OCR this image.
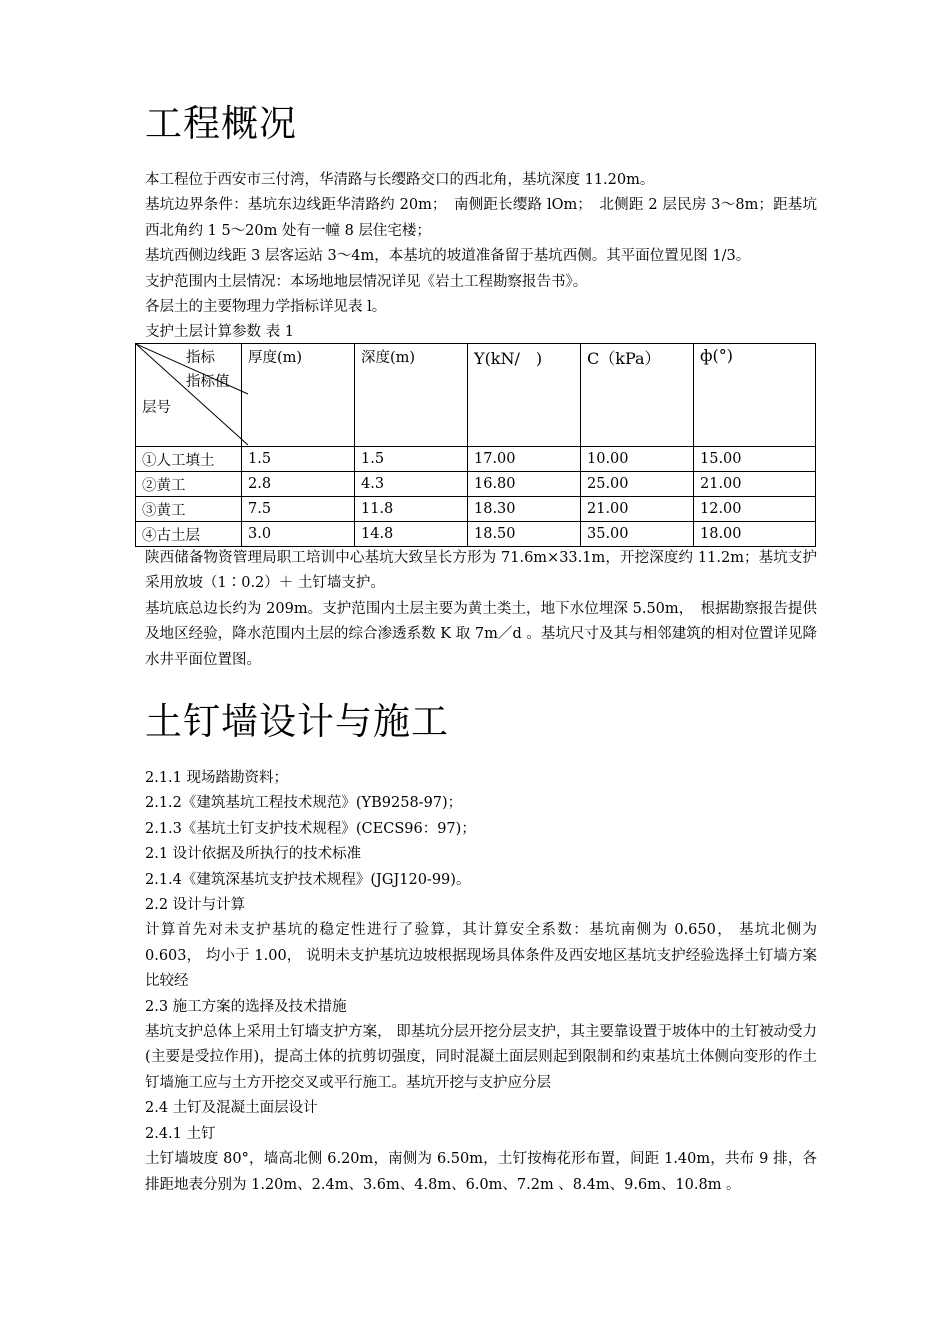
工程概况

本工程位于西安市三付湾，华清路与长缨路交口的西北角，基坑深度 11.20m。

基坑边界条件：基坑东边线距华清路约 20m；　南侧距长缨路 lOm；　北侧距 2 层民房 3～8m；距基坑西北角约 1 5～20m 处有一幢 8 层住宅楼；

基坑西侧边线距 3 层客运站 3～4m，本基坑的坡道准备留于基坑西侧。其平面位置见图 1/3。

支护范围内土层情况：本场地地层情况详见《岩土工程勘察报告书》。

各层土的主要物理力学指标详见表 l。

支护土层计算参数 表 1

指标
指标值
层号	厚度(m)	深度(m)	Y(kN/　)	C（kPa）	ф(°)
①人工填土	1.5	1.5	17.00	10.00	15.00
②黄工	2.8	4.3	16.80	25.00	21.00
③黄工	7.5	11.8	18.30	21.00	12.00
④古土层	3.0	14.8	18.50	35.00	18.00

陕西储备物资管理局职工培训中心基坑大致呈长方形为 71.6m×33.1m，开挖深度约 11.2m；基坑支护采用放坡（1∶0.2）＋ 土钉墙支护。

基坑底总边长约为 209m。支护范围内土层主要为黄土类土，地下水位埋深 5.50m，　根据勘察报告提供及地区经验，降水范围内土层的综合渗透系数 K 取 7m／d 。基坑尺寸及其与相邻建筑的相对位置详见降水井平面位置图。

土钉墙设计与施工

2.1.1 现场踏勘资料；

2.1.2《建筑基坑工程技术规范》(YB9258-97)；

2.1.3《基坑土钉支护技术规程》(CECS96：97)；

2.1 设计依据及所执行的技术标准

2.1.4《建筑深基坑支护技术规程》(JGJ120-99)。

2.2 设计与计算

计算首先对未支护基坑的稳定性进行了验算，其计算安全系数：基坑南侧为 0.650， 基坑北侧为 0.603， 均小于 1.00， 说明未支护基坑边坡根据现场具体条件及西安地区基坑支护经验选择土钉墙方案比较经

2.3 施工方案的选择及技术措施

基坑支护总体上采用土钉墙支护方案， 即基坑分层开挖分层支护，其主要靠设置于坡体中的土钉被动受力(主要是受拉作用)，提高土体的抗剪切强度，同时混凝土面层则起到限制和约束基坑土体侧向变形的作土钉墙施工应与土方开挖交叉或平行施工。基坑开挖与支护应分层

2.4 土钉及混凝土面层设计

2.4.1 土钉

土钉墙坡度 80°，墙高北侧 6.20m，南侧为 6.50m，土钉按梅花形布置，间距 1.40m，共布 9 排，各排距地表分别为 1.20m、2.4m、3.6m、4.8m、6.0m、7.2m 、8.4m、9.6m、10.8m 。
